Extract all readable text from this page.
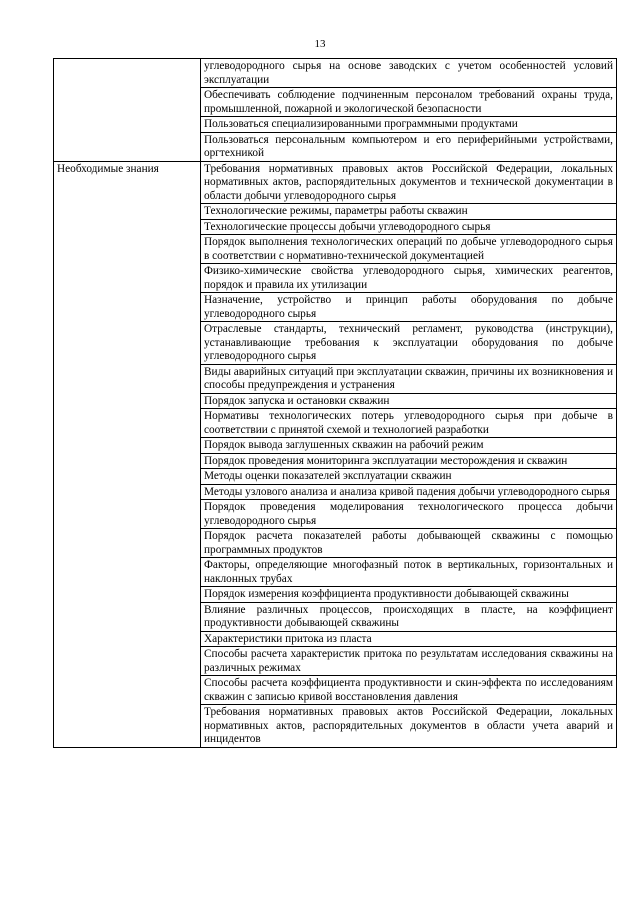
13
	углеводородного сырья на основе заводских с учетом особенностей условий эксплуатации
	Обеспечивать соблюдение подчиненным персоналом требований охраны труда, промышленной, пожарной и экологической безопасности
	Пользоваться специализированными программными продуктами
	Пользоваться персональным компьютером и его периферийными устройствами, оргтехникой
Необходимые знания	Требования нормативных правовых актов Российской Федерации, локальных нормативных актов, распорядительных документов и технической документации в области добычи углеводородного сырья
	Технологические режимы, параметры работы скважин
	Технологические процессы добычи углеводородного сырья
	Порядок выполнения технологических операций по добыче углеводородного сырья в соответствии с нормативно-технической документацией
	Физико-химические свойства углеводородного сырья, химических реагентов, порядок и правила их утилизации
	Назначение, устройство и принцип работы оборудования по добыче углеводородного сырья
	Отраслевые стандарты, технический регламент, руководства (инструкции), устанавливающие требования к эксплуатации оборудования по добыче углеводородного сырья
	Виды аварийных ситуаций при эксплуатации скважин, причины их возникновения и способы предупреждения и устранения
	Порядок запуска и остановки скважин
	Нормативы технологических потерь углеводородного сырья при добыче в соответствии с принятой схемой и технологией разработки
	Порядок вывода заглушенных скважин на рабочий режим
	Порядок проведения мониторинга эксплуатации месторождения и скважин
	Методы оценки показателей эксплуатации скважин
	Методы узлового анализа и анализа кривой падения добычи углеводородного сырья
	Порядок проведения моделирования технологического процесса добычи углеводородного сырья
	Порядок расчета показателей работы добывающей скважины с помощью программных продуктов
	Факторы, определяющие многофазный поток в вертикальных, горизонтальных и наклонных трубах
	Порядок измерения коэффициента продуктивности добывающей скважины
	Влияние различных процессов, происходящих в пласте, на коэффициент продуктивности добывающей скважины
	Характеристики притока из пласта
	Способы расчета характеристик притока по результатам исследования скважины на различных режимах
	Способы расчета коэффициента продуктивности и скин-эффекта по исследованиям скважин с записью кривой восстановления давления
	Требования нормативных правовых актов Российской Федерации, локальных нормативных актов, распорядительных документов в области учета аварий и инцидентов
